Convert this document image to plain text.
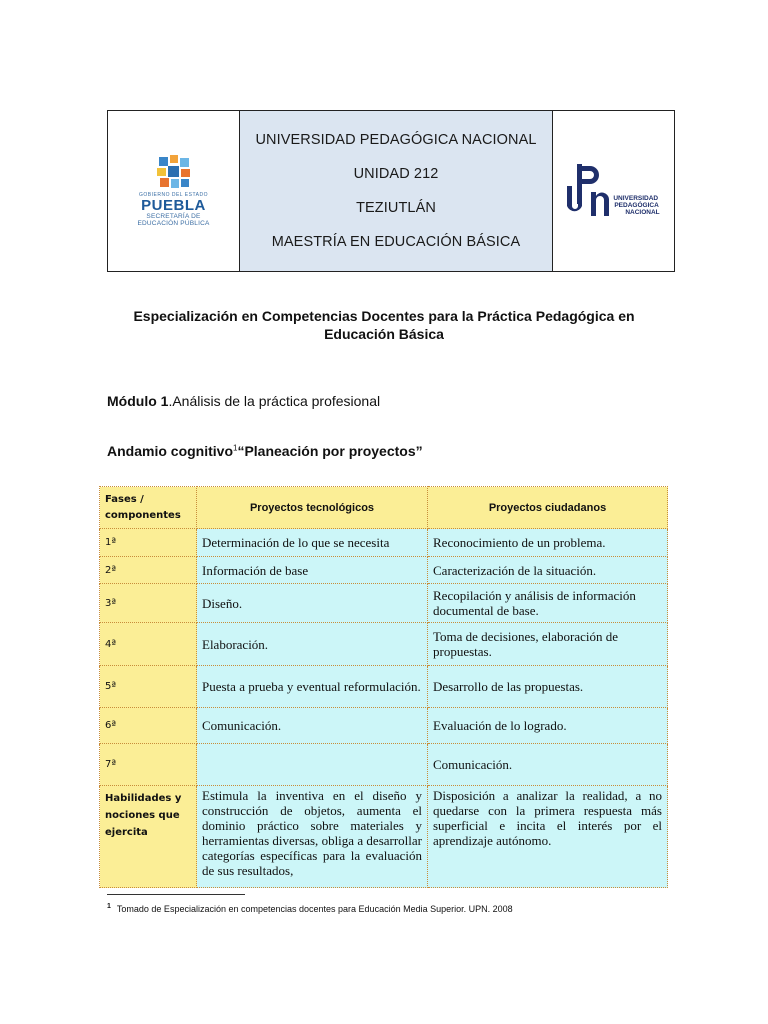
GOBIERNO DEL ESTADO
PUEBLA
SECRETARÍA DE
EDUCACIÓN PÚBLICA
UNIVERSIDAD PEDAGÓGICA NACIONAL
UNIDAD 212
TEZIUTLÁN
MAESTRÍA EN EDUCACIÓN BÁSICA
UNIVERSIDAD
PEDAGÓGICA
NACIONAL
Especialización en Competencias Docentes para la Práctica Pedagógica en Educación Básica
Módulo 1.Análisis de la práctica profesional
Andamio cognitivo$^1$“Planeación por proyectos”
Fases / componentes	Proyectos tecnológicos	Proyectos ciudadanos
1ª	Determinación de lo que se necesita	Reconocimiento de un problema.
2ª	Información de base	Caracterización de la situación.
3ª	Diseño.	Recopilación y análisis de información documental de base.
4ª	Elaboración.	Toma de decisiones, elaboración de propuestas.
5ª	Puesta a prueba y eventual reformulación.	Desarrollo de las propuestas.
6ª	Comunicación.	Evaluación de lo logrado.
7ª		Comunicación.
Habilidades y nociones que ejercita	Estimula la inventiva en el diseño y construcción de objetos, aumenta el dominio práctico sobre materiales y herramientas diversas, obliga a desarrollar categorías específicas para la evaluación de sus resultados,	Disposición a analizar la realidad, a no quedarse con la primera respuesta más superficial e incita el interés por el aprendizaje autónomo.
$^1$ Tomado de Especialización en competencias docentes para Educación Media Superior. UPN. 2008
